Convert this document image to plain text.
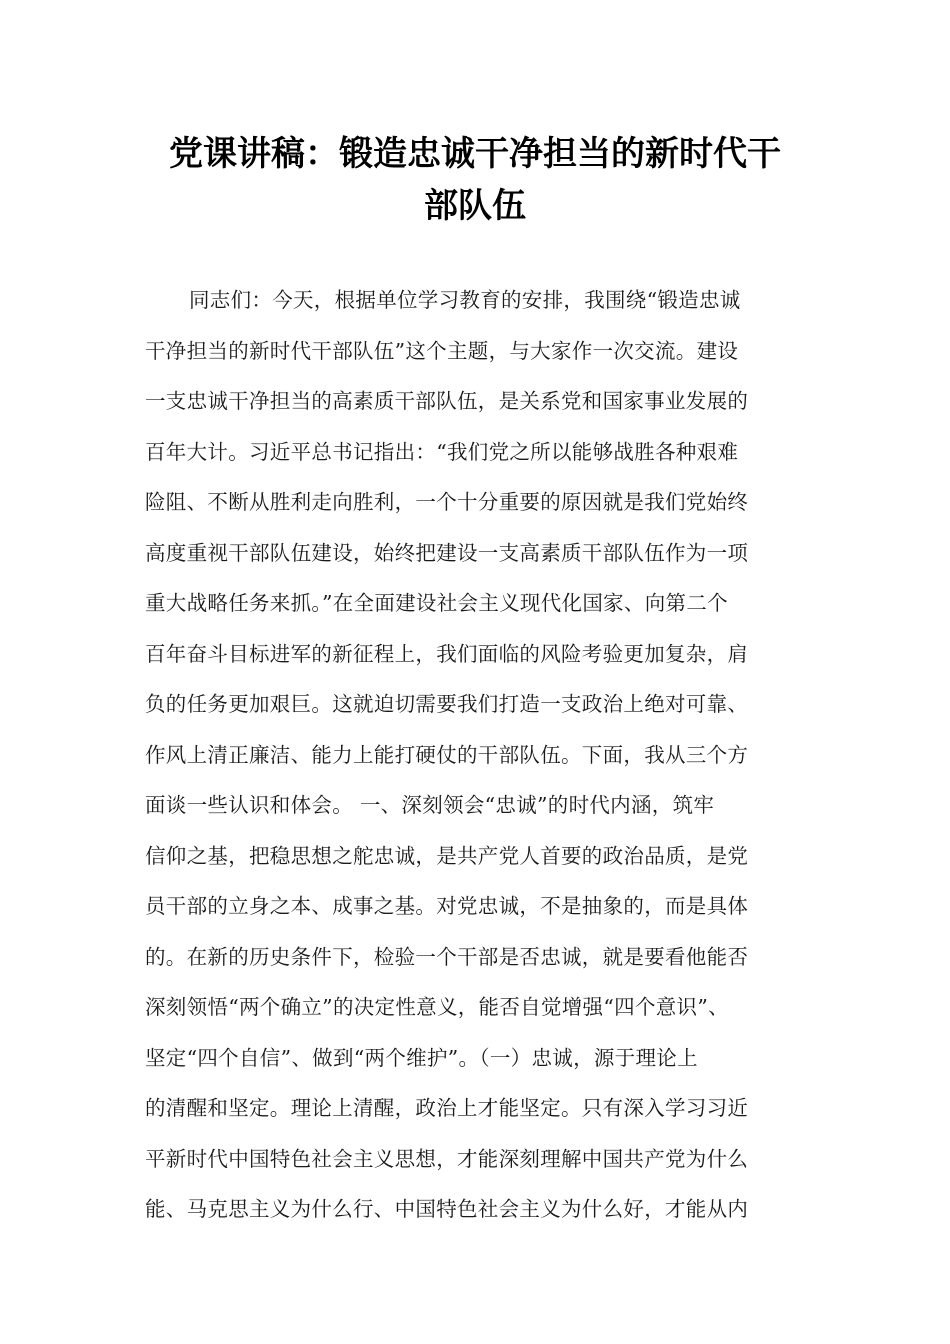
党课讲稿：锻造忠诚干净担当的新时代干
部队伍
同志们：今天，根据单位学习教育的安排，我围绕“锻造忠诚
干净担当的新时代干部队伍”这个主题，与大家作一次交流。建设
一支忠诚干净担当的高素质干部队伍，是关系党和国家事业发展的
百年大计。习近平总书记指出：“我们党之所以能够战胜各种艰难
险阻、不断从胜利走向胜利，一个十分重要的原因就是我们党始终
高度重视干部队伍建设，始终把建设一支高素质干部队伍作为一项
重大战略任务来抓。”在全面建设社会主义现代化国家、向第二个
百年奋斗目标进军的新征程上，我们面临的风险考验更加复杂，肩
负的任务更加艰巨。这就迫切需要我们打造一支政治上绝对可靠、
作风上清正廉洁、能力上能打硬仗的干部队伍。下面，我从三个方
面谈一些认识和体会。 一、深刻领会“忠诚”的时代内涵，筑牢
信仰之基，把稳思想之舵忠诚，是共产党人首要的政治品质，是党
员干部的立身之本、成事之基。对党忠诚，不是抽象的，而是具体
的。在新的历史条件下，检验一个干部是否忠诚，就是要看他能否
深刻领悟“两个确立”的决定性意义，能否自觉增强“四个意识”、
坚定“四个自信”、做到“两个维护”。（一）忠诚，源于理论上
的清醒和坚定。理论上清醒，政治上才能坚定。只有深入学习习近
平新时代中国特色社会主义思想，才能深刻理解中国共产党为什么
能、马克思主义为什么行、中国特色社会主义为什么好，才能从内
